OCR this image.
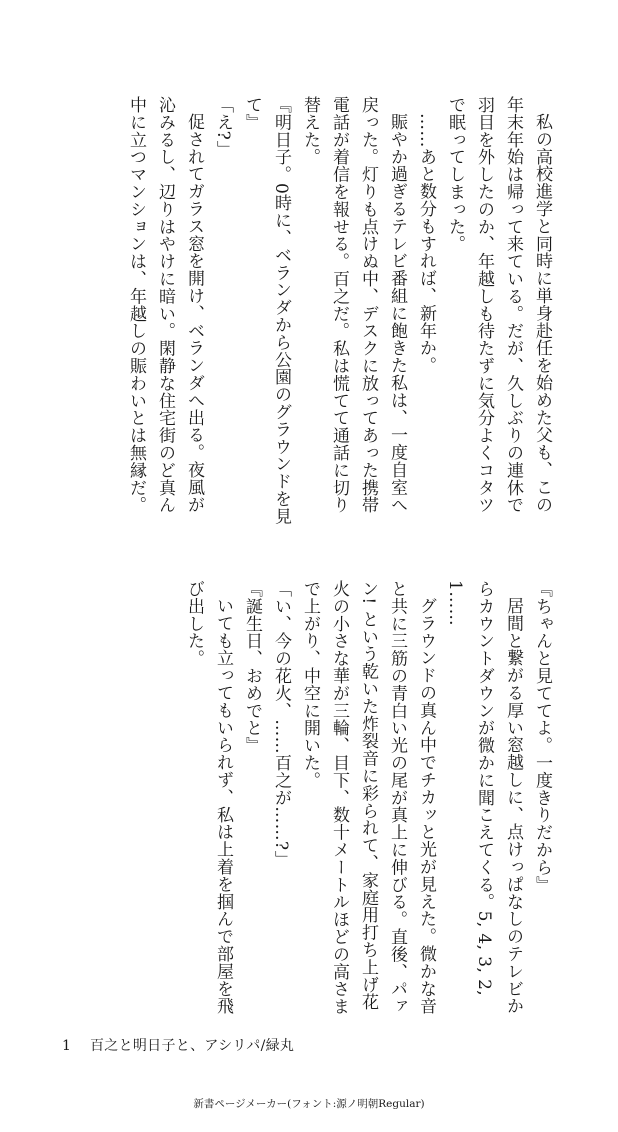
私の高校進学と同時に単身赴任を始めた父も、この年末年始は帰って来ている。だが、久しぶりの連休で羽目を外したのか、年越しも待たずに気分よくコタツで眠ってしまった。

……あと数分もすれば、新年か。

賑やか過ぎるテレビ番組に飽きた私は、一度自室へ戻った。灯りも点けぬ中、デスクに放ってあった携帯電話が着信を報せる。百之だ。私は慌てて通話に切り替えた。

『明日子。0時に、ベランダから公園のグラウンドを見て』

「え?」

促されてガラス窓を開け、ベランダへ出る。夜風が沁みるし、辺りはやけに暗い。閑静な住宅街のど真ん中に立つマンションは、年越しの賑わいとは無縁だ。

『ちゃんと見ててよ。一度きりだから』

居間と繋がる厚い窓越しに、点けっぱなしのテレビからカウントダウンが微かに聞こえてくる。5, 4, 3, 2, 1……

グラウンドの真ん中でチカッと光が見えた。微かな音と共に三筋の青白い光の尾が真上に伸びる。直後、パァン! という乾いた炸裂音に彩られて、家庭用打ち上げ花火の小さな華が三輪、目下、数十メートルほどの高さまで上がり、中空に開いた。

「い、今の花火、……百之が……?」

『誕生日、おめでと』

いても立ってもいられず、私は上着を掴んで部屋を飛び出した。

1 百之と明日子と、アシリパ/緑丸
新書ページメーカー(フォント:源ノ明朝Regular)
